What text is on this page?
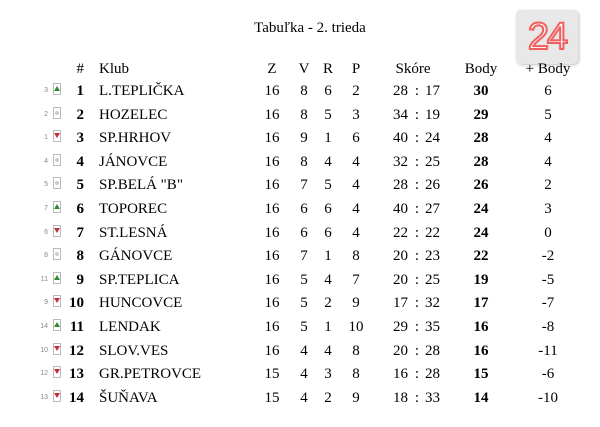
24
Tabuľka - 2. trieda
# Klub	Z	V R	P	Skóre	Body	+ Body
3	1 L.TEPLIČKA	16	8	6	2	28 : 17	30	6
2	2 HOZELEC	16	8	5	3	34 : 19	29	5
1	3 SP.HRHOV	16	9	1	6	40 : 24	28	4
4	4 JÁNOVCE	16	8	4	4	32 : 25	28	4
5	5 SP.BELÁ "B"	16	7	5	4	28 : 26	26	2
7	6 TOPOREC	16	6	6	4	40 : 27	24	3
6	7 ST.LESNÁ	16	6	6	4	22 : 22	24	0
8	8 GÁNOVCE	16	7	1	8	20 : 23	22	-2
11	9 SP.TEPLICA	16	5	4	7	20 : 25	19	-5
9	10 HUNCOVCE	16	5	2	9	17 : 32	17	-7
14	11 LENDAK	16	5	1	10	29 : 35	16	-8
10	12 SLOV.VES	16	4	4	8	20 : 28	16	-11
12	13 GR.PETROVCE	15	4	3	8	16 : 28	15	-6
13	14 ŠUŇAVA	15	4	2	9	18 : 33	14	-10
